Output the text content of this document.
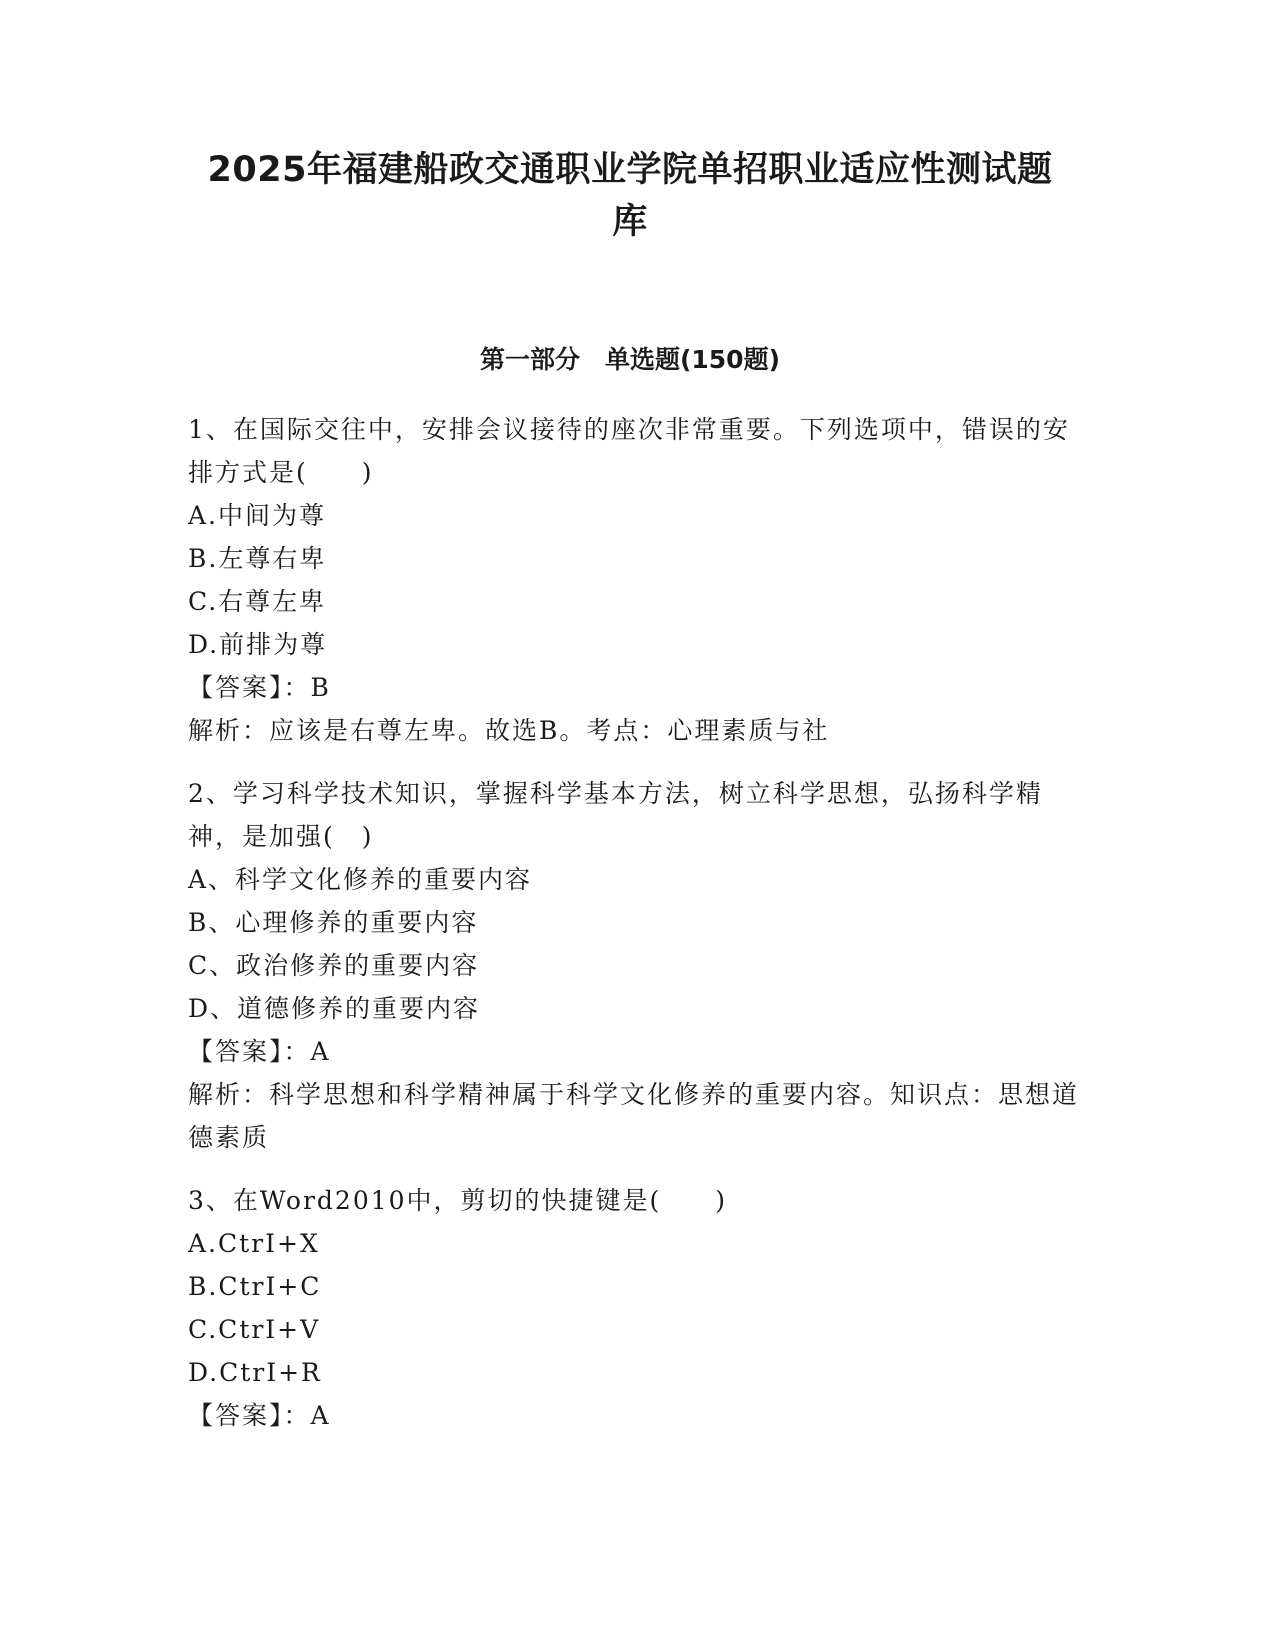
2025年福建船政交通职业学院单招职业适应性测试题库
第一部分　单选题(150题)

1、在国际交往中，安排会议接待的座次非常重要。下列选项中，错误的安排方式是(　　)

A.中间为尊

B.左尊右卑

C.右尊左卑

D.前排为尊

【答案】：B

解析：应该是右尊左卑。故选B。考点：心理素质与社

2、学习科学技术知识，掌握科学基本方法，树立科学思想，弘扬科学精神，是加强(　)

A、科学文化修养的重要内容

B、心理修养的重要内容

C、政治修养的重要内容

D、道德修养的重要内容

【答案】：A

解析：科学思想和科学精神属于科学文化修养的重要内容。知识点：思想道德素质

3、在Word2010中，剪切的快捷键是(　　)

A.CtrI+X

B.CtrI+C

C.CtrI+V

D.CtrI+R

【答案】：A
